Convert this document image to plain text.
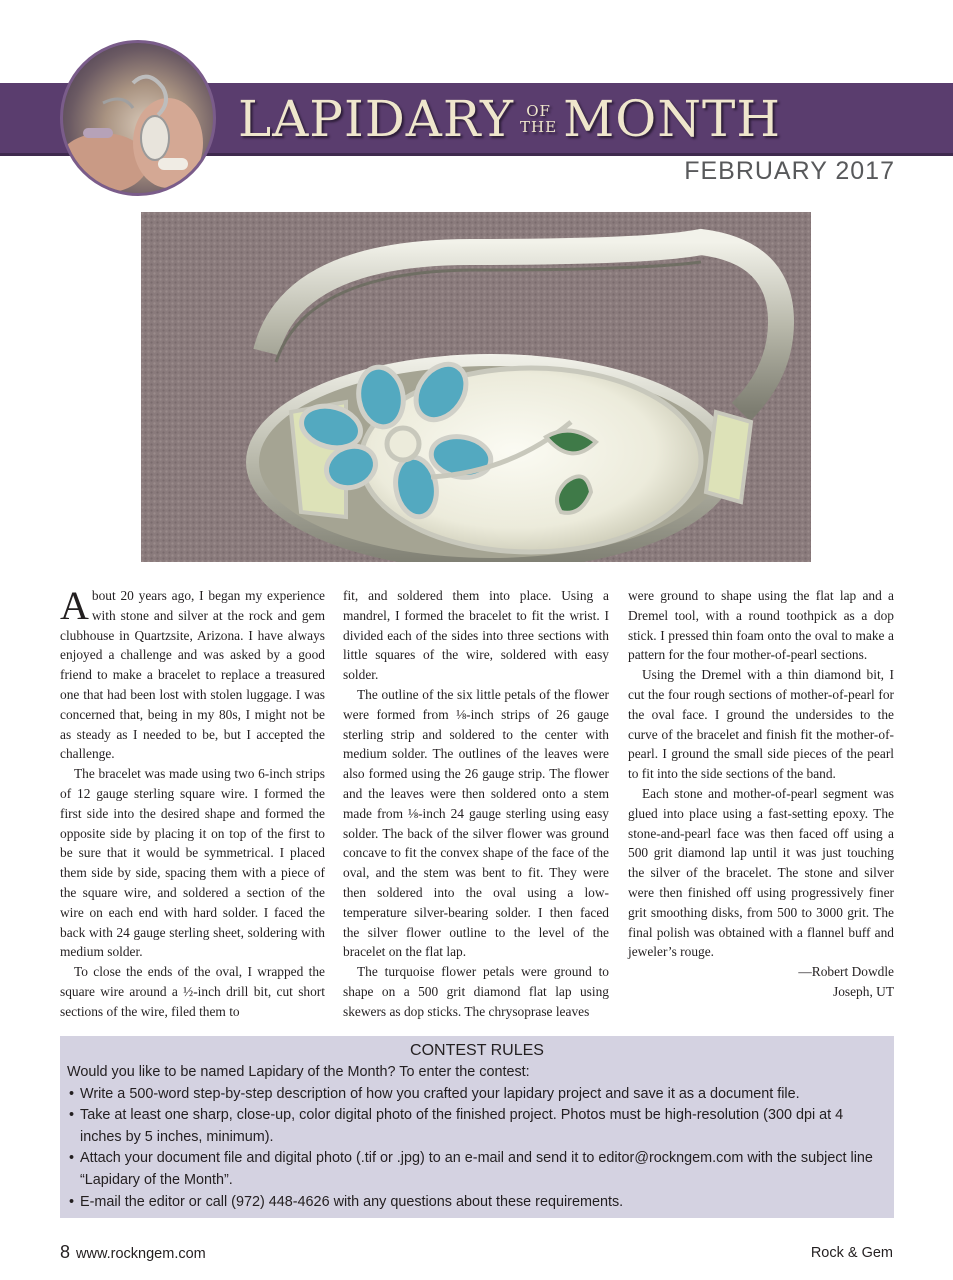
LAPIDARY OF
THE MONTH
FEBRUARY 2017

About 20 years ago, I began my experience with stone and silver at the rock and gem clubhouse in Quartzsite, Arizona. I have always enjoyed a challenge and was asked by a good friend to make a bracelet to replace a treasured one that had been lost with stolen luggage. I was concerned that, being in my 80s, I might not be as steady as I needed to be, but I accepted the challenge.

The bracelet was made using two 6-inch strips of 12 gauge sterling square wire. I formed the first side into the desired shape and formed the opposite side by placing it on top of the first to be sure that it would be symmetrical. I placed them side by side, spacing them with a piece of the square wire, and soldered a section of the wire on each end with hard solder. I faced the back with 24 gauge sterling sheet, soldering with medium solder.

To close the ends of the oval, I wrapped the square wire around a ½-inch drill bit, cut short sections of the wire, filed them to

fit, and soldered them into place. Using a mandrel, I formed the bracelet to fit the wrist. I divided each of the sides into three sections with little squares of the wire, soldered with easy solder.

The outline of the six little petals of the flower were formed from ⅛-inch strips of 26 gauge sterling strip and soldered to the center with medium solder. The outlines of the leaves were also formed using the 26 gauge strip. The flower and the leaves were then soldered onto a stem made from ⅛-inch 24 gauge sterling using easy solder. The back of the silver flower was ground concave to fit the convex shape of the face of the oval, and the stem was bent to fit. They were then soldered into the oval using a low-temperature silver-bearing solder. I then faced the silver flower outline to the level of the bracelet on the flat lap.

The turquoise flower petals were ground to shape on a 500 grit diamond flat lap using skewers as dop sticks. The chrysoprase leaves

were ground to shape using the flat lap and a Dremel tool, with a round toothpick as a dop stick. I pressed thin foam onto the oval to make a pattern for the four mother-of-pearl sections.

Using the Dremel with a thin diamond bit, I cut the four rough sections of mother-of-pearl for the oval face. I ground the undersides to the curve of the bracelet and finish fit the mother-of-pearl. I ground the small side pieces of the pearl to fit into the side sections of the band.

Each stone and mother-of-pearl segment was glued into place using a fast-setting epoxy. The stone-and-pearl face was then faced off using a 500 grit diamond lap until it was just touching the silver of the bracelet. The stone and silver were then finished off using progressively finer grit smoothing disks, from 500 to 3000 grit. The final polish was obtained with a flannel buff and jeweler’s rouge.

—Robert Dowdle

Joseph, UT

CONTEST RULES
Would you like to be named Lapidary of the Month? To enter the contest:
• Write a 500-word step-by-step description of how you crafted your lapidary project and save it as a document file.
• Take at least one sharp, close-up, color digital photo of the finished project. Photos must be high-resolution (300 dpi at 4 inches by 5 inches, minimum).
• Attach your document file and digital photo (.tif or .jpg) to an e-mail and send it to editor@rockngem.com with the subject line “Lapidary of the Month”.
• E-mail the editor or call (972) 448-4626 with any questions about these requirements.
8 www.rockngem.com	Rock & Gem
